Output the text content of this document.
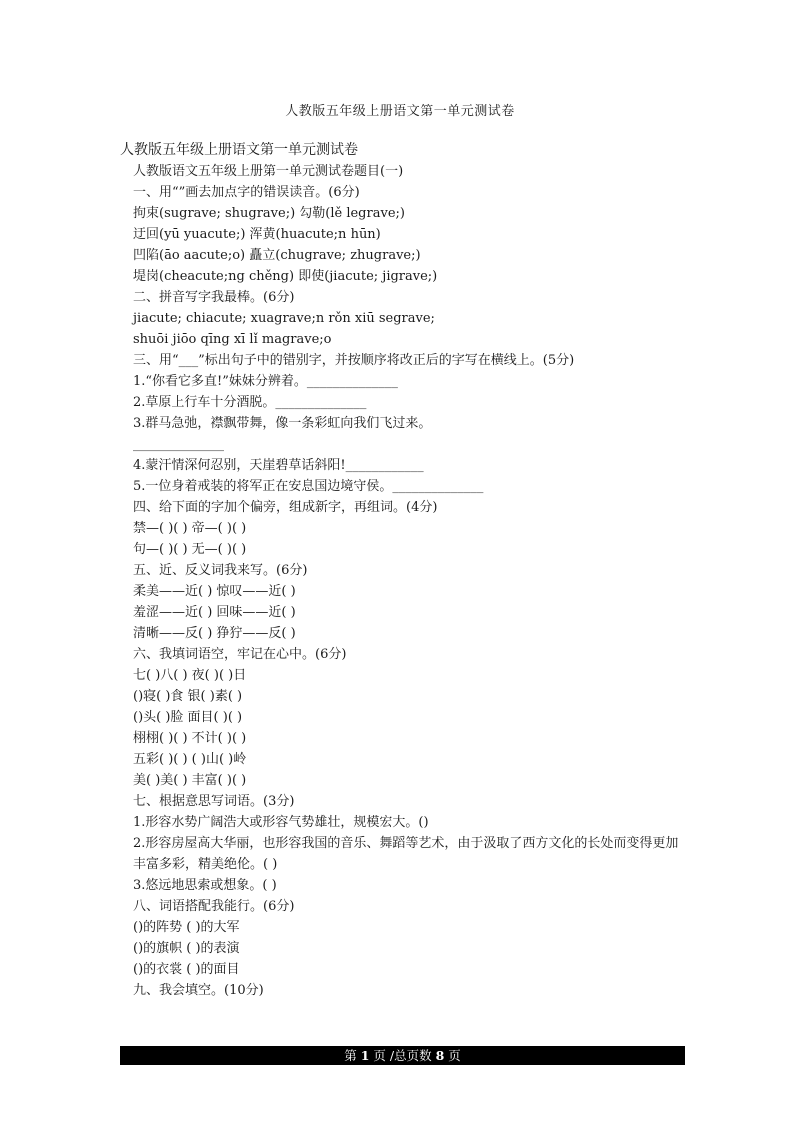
人教版五年级上册语文第一单元测试卷
人教版五年级上册语文第一单元测试卷
人教版语文五年级上册第一单元测试卷题目(一)
一、用“”画去加点字的错误读音。(6分)
拘束(sugrave; shugrave;) 勾勒(lě legrave;)
迂回(yū yuacute;) 浑黄(huacute;n hūn)
凹陷(āo aacute;o) 矗立(chugrave; zhugrave;)
堤岗(cheacute;ng chěng) 即使(jiacute; jigrave;)
二、拼音写字我最棒。(6分)
jiacute; chiacute; xuagrave;n rǒn xiū segrave;
shuōi jiōo qīng xī lǐ magrave;o
三、用“___”标出句子中的错别字，并按顺序将改正后的字写在横线上。(5分)
1.“你看它多直!”妹妹分辨着。______________
2.草原上行车十分酒脱。______________
3.群马急弛，襟飘带舞，像一条彩虹向我们飞过来。
______________
4.蒙汗情深何忍别，天崖碧草话斜阳!____________
5.一位身着戒装的将军正在安息国边境守侯。______________
四、给下面的字加个偏旁，组成新字，再组词。(4分)
禁—( )( ) 帝—( )( )
句—( )( ) 无—( )( )
五、近、反义词我来写。(6分)
柔美——近( ) 惊叹——近( )
羞涩——近( ) 回味——近( )
清晰——反( ) 狰狞——反( )
六、我填词语空，牢记在心中。(6分)
七( )八( ) 夜( )( )日
()寝( )食 银( )素( )
()头( )脸 面目( )( )
栩栩( )( ) 不计( )( )
五彩( )( ) ( )山( )岭
美( )美( ) 丰富( )( )
七、根据意思写词语。(3分)
1.形容水势广阔浩大或形容气势雄壮，规模宏大。()
2.形容房屋高大华丽，也形容我国的音乐、舞蹈等艺术，由于汲取了西方文化的长处而变得更加丰富多彩，精美绝伦。( )
3.悠远地思索或想象。( )
八、词语搭配我能行。(6分)
()的阵势 ( )的大军
()的旗帜 ( )的表演
()的衣裳 ( )的面目
九、我会填空。(10分)
第 1 页 /总页数 8 页
